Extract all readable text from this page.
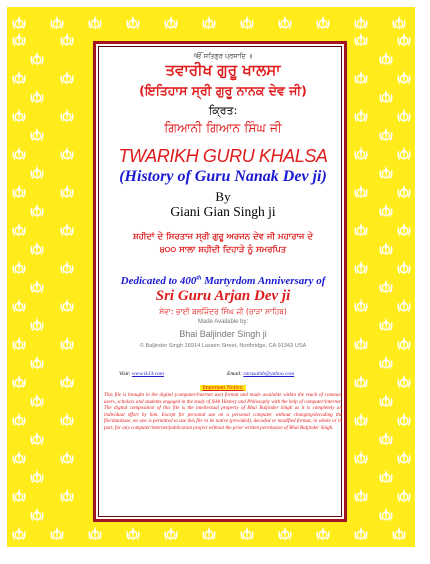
ੴ ਸਤਿਗੁਰ ਪ੍ਰਸਾਦਿ ॥
ਤਵਾਰੀਖ ਗੁਰੂ ਖਾਲਸਾ
(ਇਤਿਹਾਸ ਸ੍ਰੀ ਗੁਰੂ ਨਾਨਕ ਦੇਵ ਜੀ)
ਕ੍ਰਿਤ:
ਗਿਆਨੀ ਗਿਆਨ ਸਿੰਘ ਜੀ
TWARIKH GURU KHALSA
(History of Guru Nanak Dev ji)
By
Giani Gian Singh ji
ਸ਼ਹੀਦਾਂ ਦੇ ਸਿਰਤਾਜ ਸ੍ਰੀ ਗੁਰੂ ਅਰਜਨ ਦੇਵ ਜੀ ਮਹਾਰਾਜ ਦੇ
੪੦੦ ਸਾਲਾ ਸ਼ਹੀਦੀ ਦਿਹਾੜੇ ਨੂੰ ਸਮਰਪਿਤ
Dedicated to 400th Martyrdom Anniversary of
Sri Guru Arjan Dev ji
ਸੇਵਾ: ਭਾਈ ਬਲਜਿੰਦਰ ਸਿੰਘ ਜੀ (ਰਾੜਾ ਸਾਹਿਬ)
Made Available by:
Bhai Baljinder Singh ji
© Baljinder Singh 16914 Lassen Street, Northridge, CA 91343 USA
Visit: www.ik13.com	Email: rarasahib@yahoo.com
Important Notice:
This file is brought in the digital (computer/internet use) format and made available within the reach of common users, scholars and students engaged in the study of Sikh History and Philosophy with the help of computer/internet. The digital composition of this file is the intellectual property of Bhai Baljinder Singh as it is completely an individual effort by him. Except for personal use on a personal computer without changing/decoding the file/database, no one is permitted to use this file in its native (provided), decoded or modified format, in whole or in part, for any computer/internet/publication project without the prior written permission of Bhai Baljinder Singh.
